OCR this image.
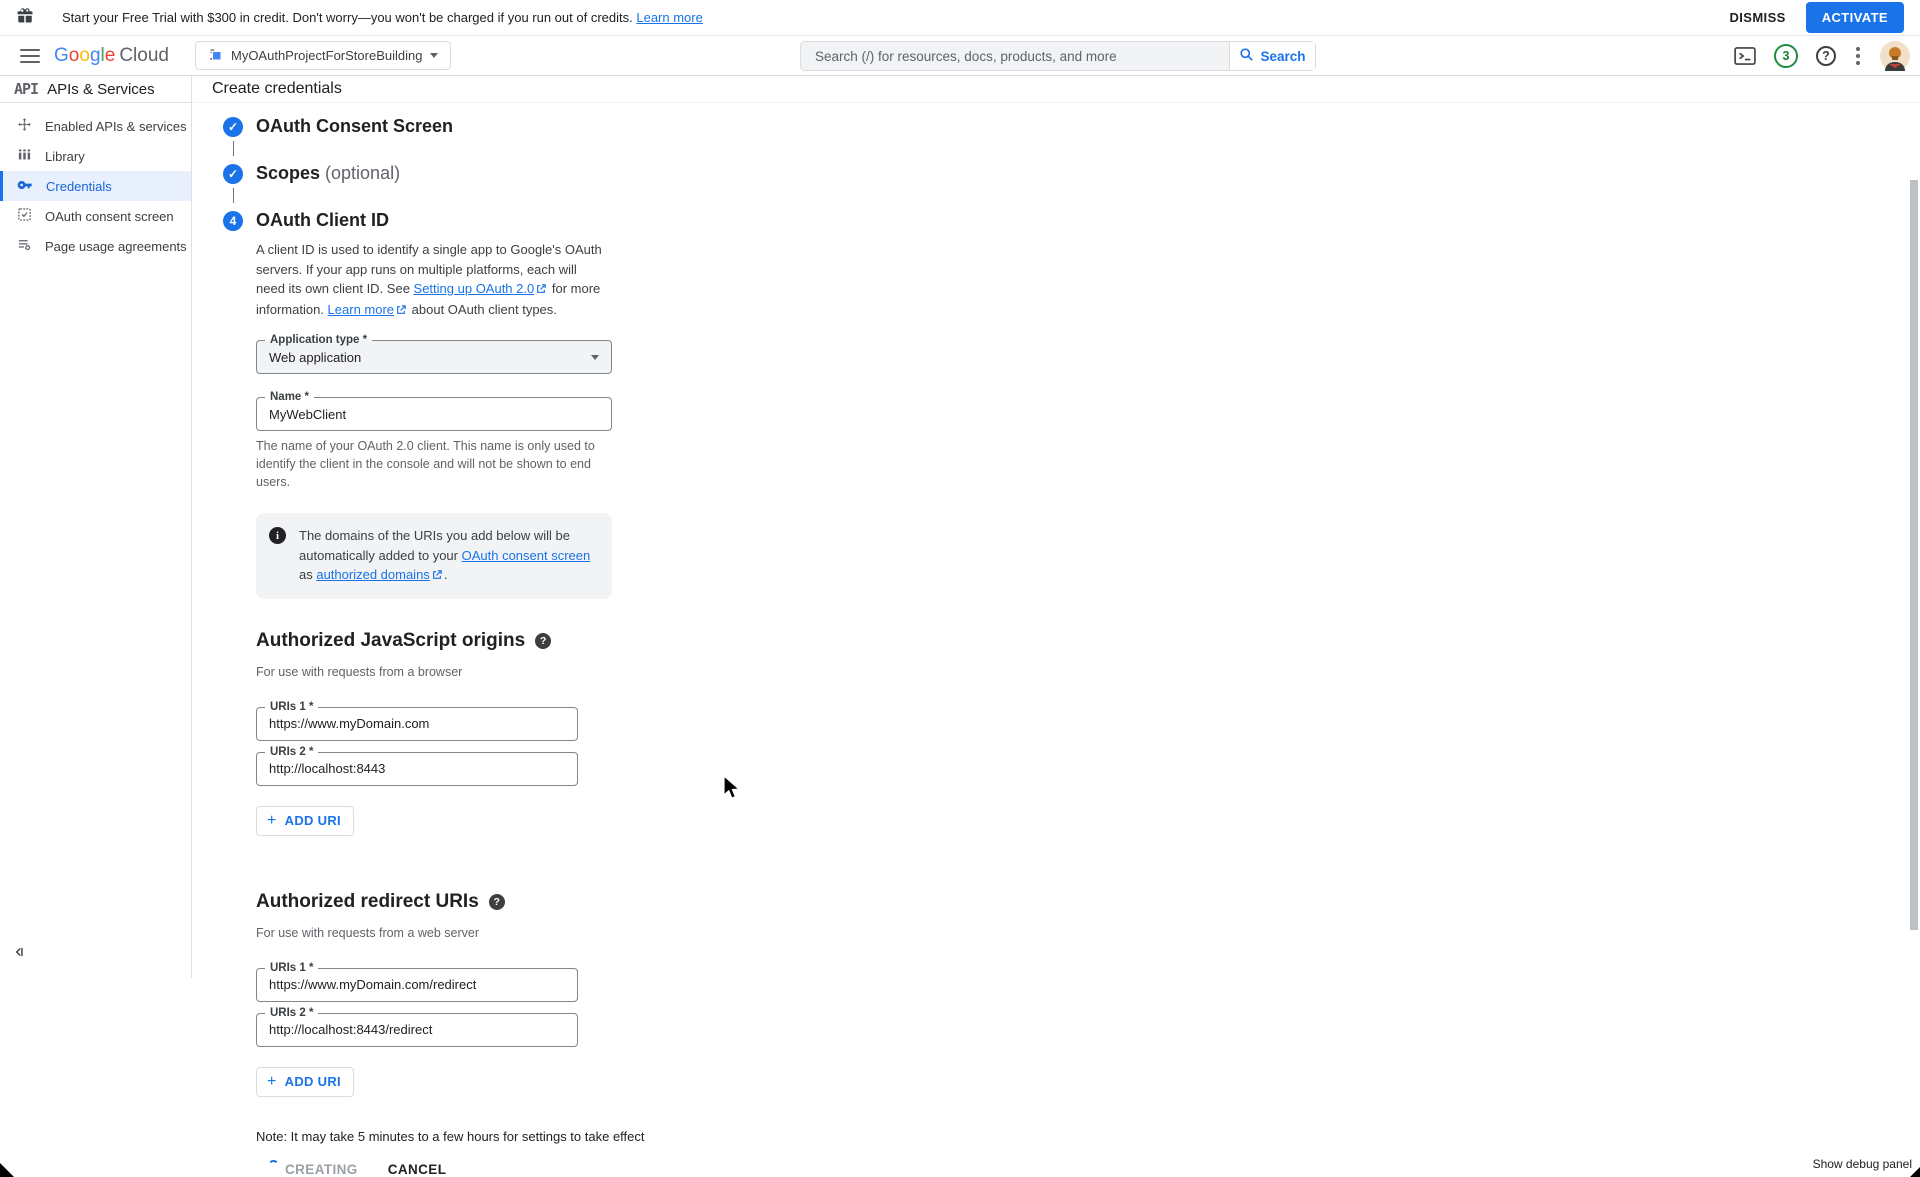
Start your Free Trial with $300 in credit. Don't worry—you won't be charged if you run out of credits. Learn more	DISMISS	ACTIVATE
Google Cloud	MyOAuthProjectForStoreBuilding
Search (/) for resources, docs, products, and more	Search	3	?
API APIs & Services
Enabled APIs & services
Library
Credentials
OAuth consent screen
Page usage agreements
Create credentials
✓ OAuth Consent Screen
✓ Scopes (optional)
4	OAuth Client ID

A client ID is used to identify a single app to Google's OAuth servers. If your app runs on multiple platforms, each will need its own client ID. See Setting up OAuth 2.0 for more information. Learn more about OAuth client types.

Application type *
Web application
Name *
MyWebClient

The name of your OAuth 2.0 client. This name is only used to identify the client in the console and will not be shown to end users.

i	The domains of the URIs you add below will be automatically added to your OAuth consent screen as authorized domains .
Authorized JavaScript origins	?

For use with requests from a browser

URIs 1 *
https://www.myDomain.com
URIs 2 *
http://localhost:8443
+ ADD URI
Authorized redirect URIs	?

For use with requests from a web server

URIs 1 *
https://www.myDomain.com/redirect
URIs 2 *
http://localhost:8443/redirect
+ ADD URI

Note: It may take 5 minutes to a few hours for settings to take effect

CREATING CANCEL	Show debug panel
